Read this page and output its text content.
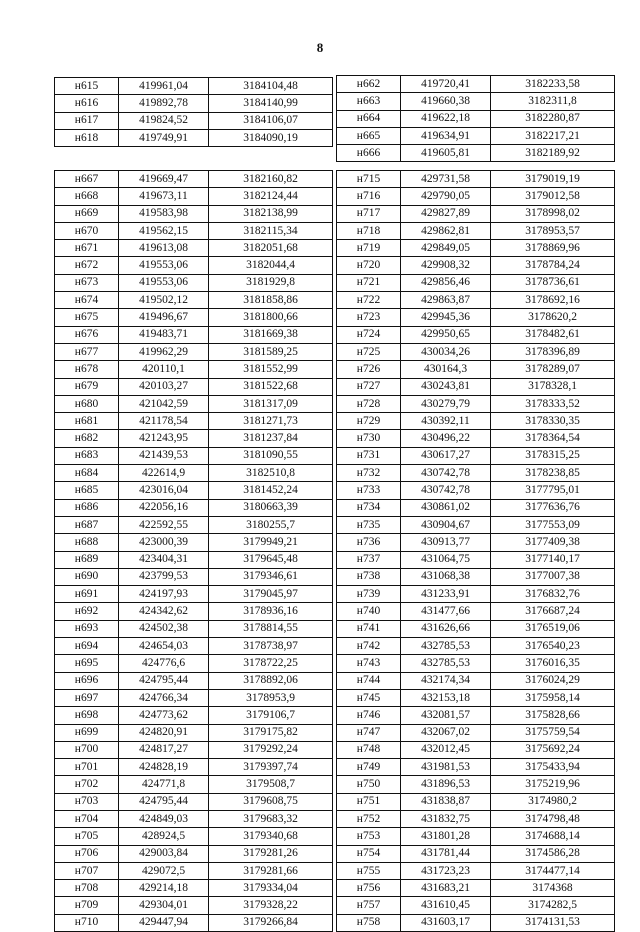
8
н615	419961,04	3184104,48
н616	419892,78	3184140,99
н617	419824,52	3184106,07
н618	419749,91	3184090,19
н662	419720,41	3182233,58
н663	419660,38	3182311,8
н664	419622,18	3182280,87
н665	419634,91	3182217,21
н666	419605,81	3182189,92
н667	419669,47	3182160,82
н668	419673,11	3182124,44
н669	419583,98	3182138,99
н670	419562,15	3182115,34
н671	419613,08	3182051,68
н672	419553,06	3182044,4
н673	419553,06	3181929,8
н674	419502,12	3181858,86
н675	419496,67	3181800,66
н676	419483,71	3181669,38
н677	419962,29	3181589,25
н678	420110,1	3181552,99
н679	420103,27	3181522,68
н680	421042,59	3181317,09
н681	421178,54	3181271,73
н682	421243,95	3181237,84
н683	421439,53	3181090,55
н684	422614,9	3182510,8
н685	423016,04	3181452,24
н686	422056,16	3180663,39
н687	422592,55	3180255,7
н688	423000,39	3179949,21
н689	423404,31	3179645,48
н690	423799,53	3179346,61
н691	424197,93	3179045,97
н692	424342,62	3178936,16
н693	424502,38	3178814,55
н694	424654,03	3178738,97
н695	424776,6	3178722,25
н696	424795,44	3178892,06
н697	424766,34	3178953,9
н698	424773,62	3179106,7
н699	424820,91	3179175,82
н700	424817,27	3179292,24
н701	424828,19	3179397,74
н702	424771,8	3179508,7
н703	424795,44	3179608,75
н704	424849,03	3179683,32
н705	428924,5	3179340,68
н706	429003,84	3179281,26
н707	429072,5	3179281,66
н708	429214,18	3179334,04
н709	429304,01	3179328,22
н710	429447,94	3179266,84
н715	429731,58	3179019,19
н716	429790,05	3179012,58
н717	429827,89	3178998,02
н718	429862,81	3178953,57
н719	429849,05	3178869,96
н720	429908,32	3178784,24
н721	429856,46	3178736,61
н722	429863,87	3178692,16
н723	429945,36	3178620,2
н724	429950,65	3178482,61
н725	430034,26	3178396,89
н726	430164,3	3178289,07
н727	430243,81	3178328,1
н728	430279,79	3178333,52
н729	430392,11	3178330,35
н730	430496,22	3178364,54
н731	430617,27	3178315,25
н732	430742,78	3178238,85
н733	430742,78	3177795,01
н734	430861,02	3177636,76
н735	430904,67	3177553,09
н736	430913,77	3177409,38
н737	431064,75	3177140,17
н738	431068,38	3177007,38
н739	431233,91	3176832,76
н740	431477,66	3176687,24
н741	431626,66	3176519,06
н742	432785,53	3176540,23
н743	432785,53	3176016,35
н744	432174,34	3176024,29
н745	432153,18	3175958,14
н746	432081,57	3175828,66
н747	432067,02	3175759,54
н748	432012,45	3175692,24
н749	431981,53	3175433,94
н750	431896,53	3175219,96
н751	431838,87	3174980,2
н752	431832,75	3174798,48
н753	431801,28	3174688,14
н754	431781,44	3174586,28
н755	431723,23	3174477,14
н756	431683,21	3174368
н757	431610,45	3174282,5
н758	431603,17	3174131,53
